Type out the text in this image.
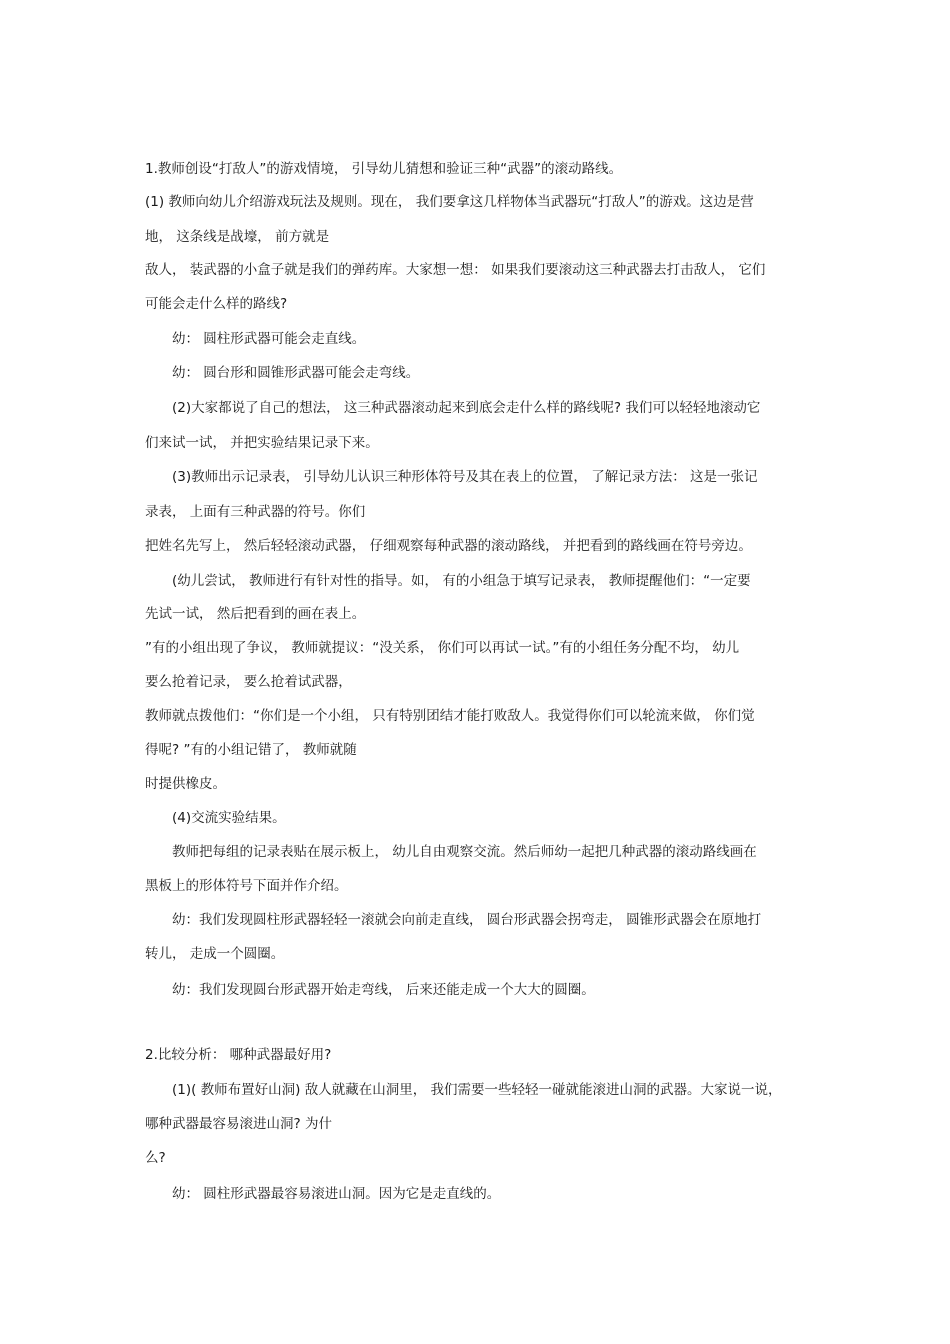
1.教师创设“打敌人”的游戏情境， 引导幼儿猜想和验证三种“武器”的滚动路线。
(1) 教师向幼儿介绍游戏玩法及规则。现在， 我们要拿这几样物体当武器玩“打敌人”的游戏。这边是营
地， 这条线是战壕， 前方就是
敌人， 装武器的小盒子就是我们的弹药库。大家想一想： 如果我们要滚动这三种武器去打击敌人， 它们
可能会走什么样的路线?
幼： 圆柱形武器可能会走直线。
幼： 圆台形和圆锥形武器可能会走弯线。
(2)大家都说了自己的想法， 这三种武器滚动起来到底会走什么样的路线呢? 我们可以轻轻地滚动它
们来试一试， 并把实验结果记录下来。
(3)教师出示记录表， 引导幼儿认识三种形体符号及其在表上的位置， 了解记录方法： 这是一张记
录表， 上面有三种武器的符号。你们
把姓名先写上， 然后轻轻滚动武器， 仔细观察每种武器的滚动路线， 并把看到的路线画在符号旁边。
(幼儿尝试， 教师进行有针对性的指导。如， 有的小组急于填写记录表， 教师提醒他们：“一定要
先试一试， 然后把看到的画在表上。
”有的小组出现了争议， 教师就提议：“没关系， 你们可以再试一试。”有的小组任务分配不均， 幼儿
要么抢着记录， 要么抢着试武器，
教师就点拨他们：“你们是一个小组， 只有特别团结才能打败敌人。我觉得你们可以轮流来做， 你们觉
得呢? ”有的小组记错了， 教师就随
时提供橡皮。
(4)交流实验结果。
教师把每组的记录表贴在展示板上， 幼儿自由观察交流。然后师幼一起把几种武器的滚动路线画在
黑板上的形体符号下面并作介绍。
幼：我们发现圆柱形武器轻轻一滚就会向前走直线， 圆台形武器会拐弯走， 圆锥形武器会在原地打
转儿， 走成一个圆圈。
幼：我们发现圆台形武器开始走弯线， 后来还能走成一个大大的圆圈。
2.比较分析： 哪种武器最好用?
(1)( 教师布置好山洞) 敌人就藏在山洞里， 我们需要一些轻轻一碰就能滚进山洞的武器。大家说一说，
哪种武器最容易滚进山洞? 为什
么?
幼： 圆柱形武器最容易滚进山洞。因为它是走直线的。
